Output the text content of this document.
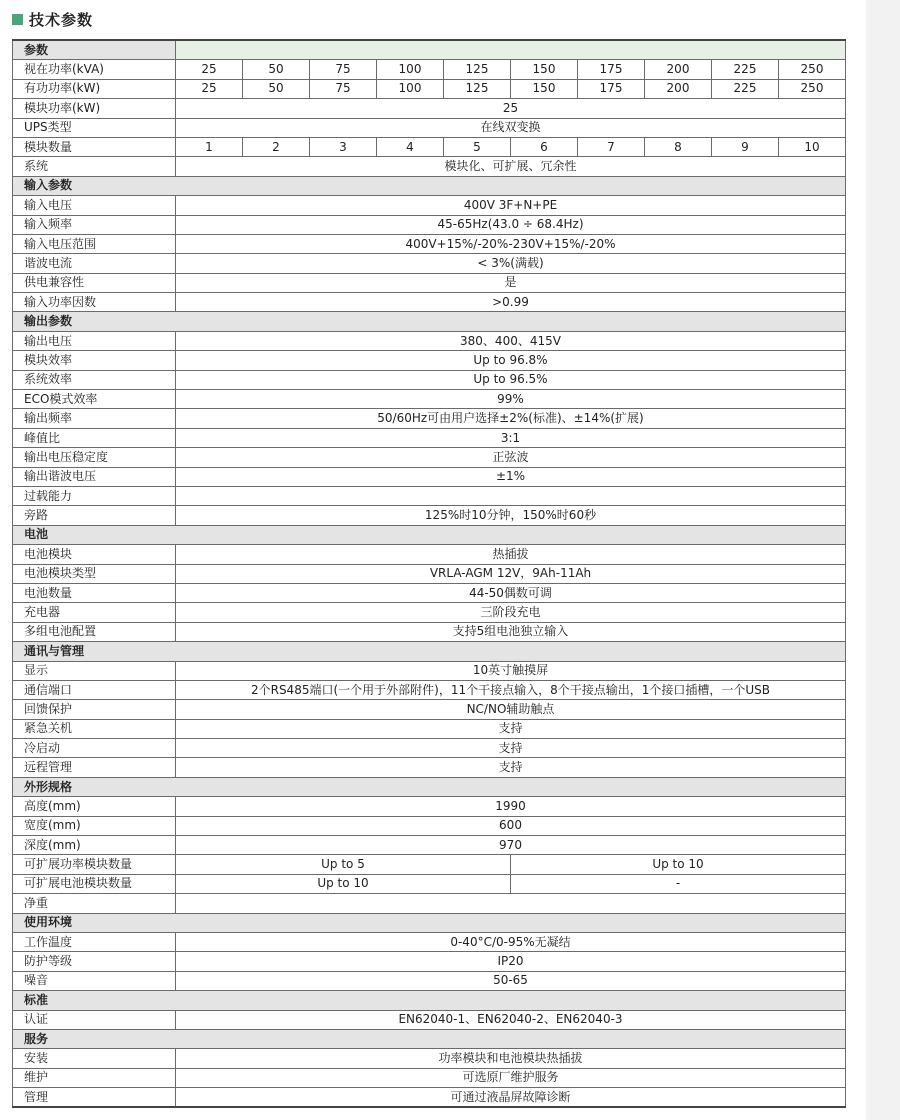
技术参数
参数										
视在功率(kVA)	25	50	75	100	125	150	175	200	225	250
有功功率(kW)	25	50	75	100	125	150	175	200	225	250
模块功率(kW)	25									
UPS类型	在线双变换									
模块数量	1	2	3	4	5	6	7	8	9	10
系统	模块化、可扩展、冗余性									
输入参数										
输入电压	400V 3F+N+PE									
输入频率	45-65Hz(43.0 ÷ 68.4Hz)									
输入电压范围	400V+15%/-20%-230V+15%/-20%									
谐波电流	< 3%(满载)									
供电兼容性	是									
输入功率因数	>0.99									
输出参数										
输出电压	380、400、415V									
模块效率	Up to 96.8%									
系统效率	Up to 96.5%									
ECO模式效率	99%									
输出频率	50/60Hz可由用户选择±2%(标准)、±14%(扩展)									
峰值比	3:1									
输出电压稳定度	正弦波									
输出谐波电压	±1%									
过载能力										
旁路	125%时10分钟，150%时60秒									
电池										
电池模块	热插拔									
电池模块类型	VRLA-AGM 12V，9Ah-11Ah									
电池数量	44-50偶数可调									
充电器	三阶段充电									
多组电池配置	支持5组电池独立输入									
通讯与管理										
显示	10英寸触摸屏									
通信端口	2个RS485端口(一个用于外部附件)，11个干接点输入，8个干接点输出，1个接口插槽，一个USB									
回馈保护	NC/NO辅助触点									
紧急关机	支持									
冷启动	支持									
远程管理	支持									
外形规格										
高度(mm)	1990									
宽度(mm)	600									
深度(mm)	970									
可扩展功率模块数量	Up to 5					Up to 10				
可扩展电池模块数量	Up to 10					-				
净重										
使用环境										
工作温度	0-40°C/0-95%无凝结									
防护等级	IP20									
噪音	50-65									
标准										
认证	EN62040-1、EN62040-2、EN62040-3									
服务										
安装	功率模块和电池模块热插拔									
维护	可选原厂维护服务									
管理	可通过液晶屏故障诊断									
